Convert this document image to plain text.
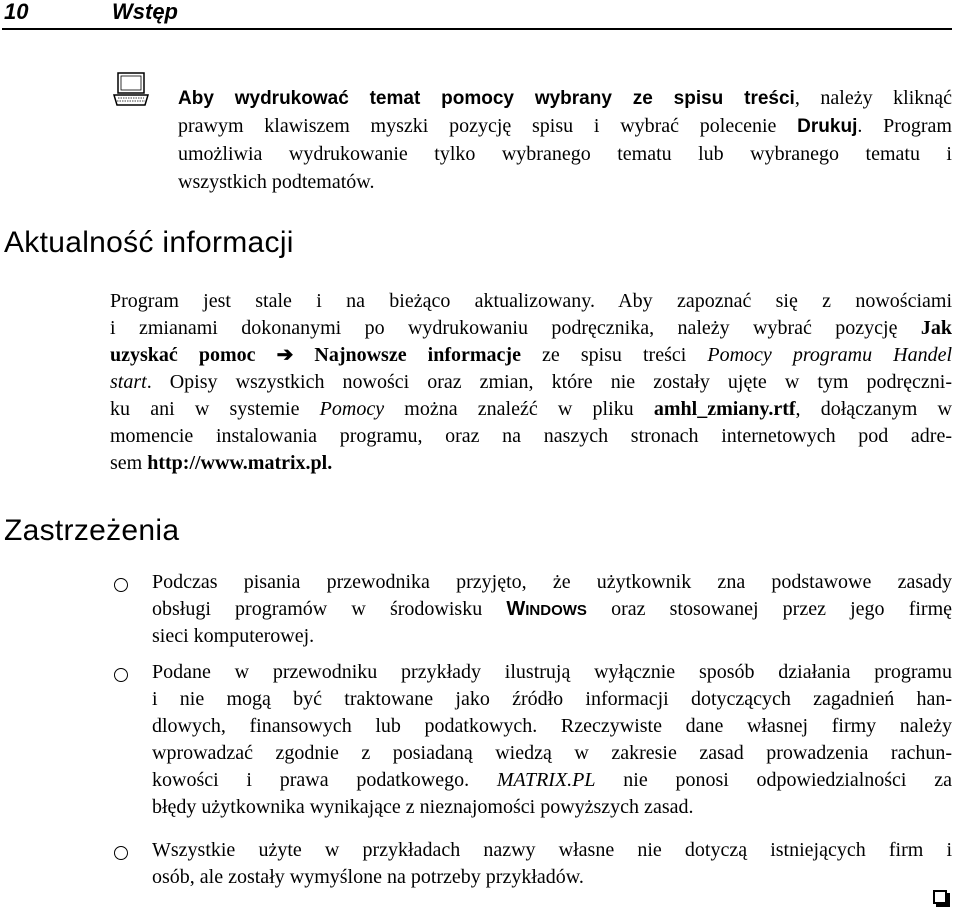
10	Wstęp
Aby wydrukować temat pomocy wybrany ze spisu treści, należy kliknąć
prawym klawiszem myszki pozycję spisu i wybrać polecenie Drukuj. Program
umożliwia wydrukowanie tylko wybranego tematu lub wybranego tematu i
wszystkich podtematów.
Aktualność informacji
Program jest stale i na bieżąco aktualizowany. Aby zapoznać się z nowościami
i zmianami dokonanymi po wydrukowaniu podręcznika, należy wybrać pozycję Jak
uzyskać pomoc ➔ Najnowsze informacje ze spisu treści Pomocy programu Handel
start. Opisy wszystkich nowości oraz zmian, które nie zostały ujęte w tym podręczni-
ku ani w systemie Pomocy można znaleźć w pliku amhl_zmiany.rtf, dołączanym w
momencie instalowania programu, oraz na naszych stronach internetowych pod adre-
sem http://www.matrix.pl.
Zastrzeżenia
Podczas pisania przewodnika przyjęto, że użytkownik zna podstawowe zasady
obsługi programów w środowisku WINDOWS oraz stosowanej przez jego firmę
sieci komputerowej.
Podane w przewodniku przykłady ilustrują wyłącznie sposób działania programu
i nie mogą być traktowane jako źródło informacji dotyczących zagadnień han-
dlowych, finansowych lub podatkowych. Rzeczywiste dane własnej firmy należy
wprowadzać zgodnie z posiadaną wiedzą w zakresie zasad prowadzenia rachun-
kowości i prawa podatkowego. MATRIX.PL nie ponosi odpowiedzialności za
błędy użytkownika wynikające z nieznajomości powyższych zasad.
Wszystkie użyte w przykładach nazwy własne nie dotyczą istniejących firm i
osób, ale zostały wymyślone na potrzeby przykładów.
